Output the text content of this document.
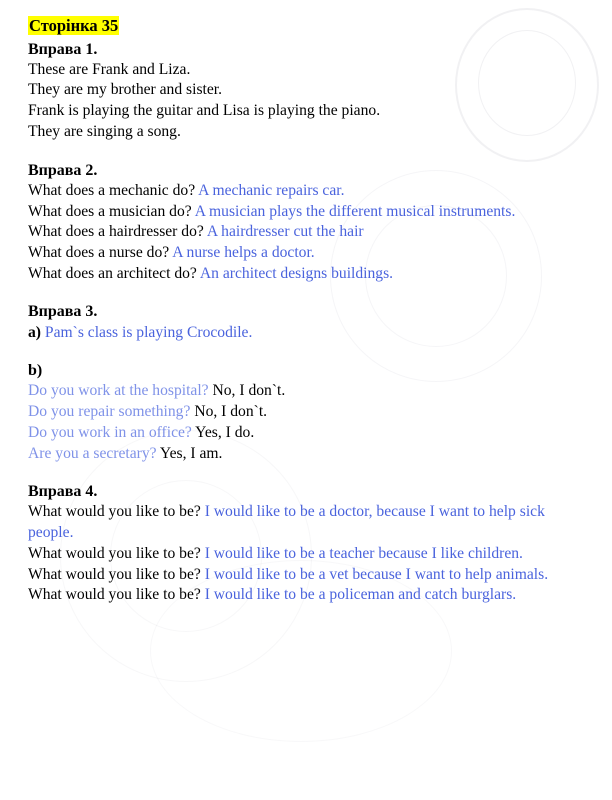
Сторінка 35
Вправа 1.
These are Frank and Liza.
They are my brother and sister.
Frank is playing the guitar and Lisa is playing the piano.
They are singing a song.
Вправа 2.
What does a mechanic do? A mechanic repairs car.
What does a musician do? A musician plays the different musical instruments.
What does a hairdresser do? A hairdresser cut the hair
What does a nurse do? A nurse helps a doctor.
What does an architect do? An architect designs buildings.
Вправа 3.
a) Pam`s class is playing Crocodile.
b)
Do you work at the hospital? No, I don`t.
Do you repair something? No, I don`t.
Do you work in an office? Yes, I do.
Are you a secretary? Yes, I am.
Вправа 4.
What would you like to be? I would like to be a doctor, because I want to help sick people.
What would you like to be? I would like to be a teacher because I like children.
What would you like to be? I would like to be a vet because I want to help animals.
What would you like to be? I would like to be a policeman and catch burglars.
